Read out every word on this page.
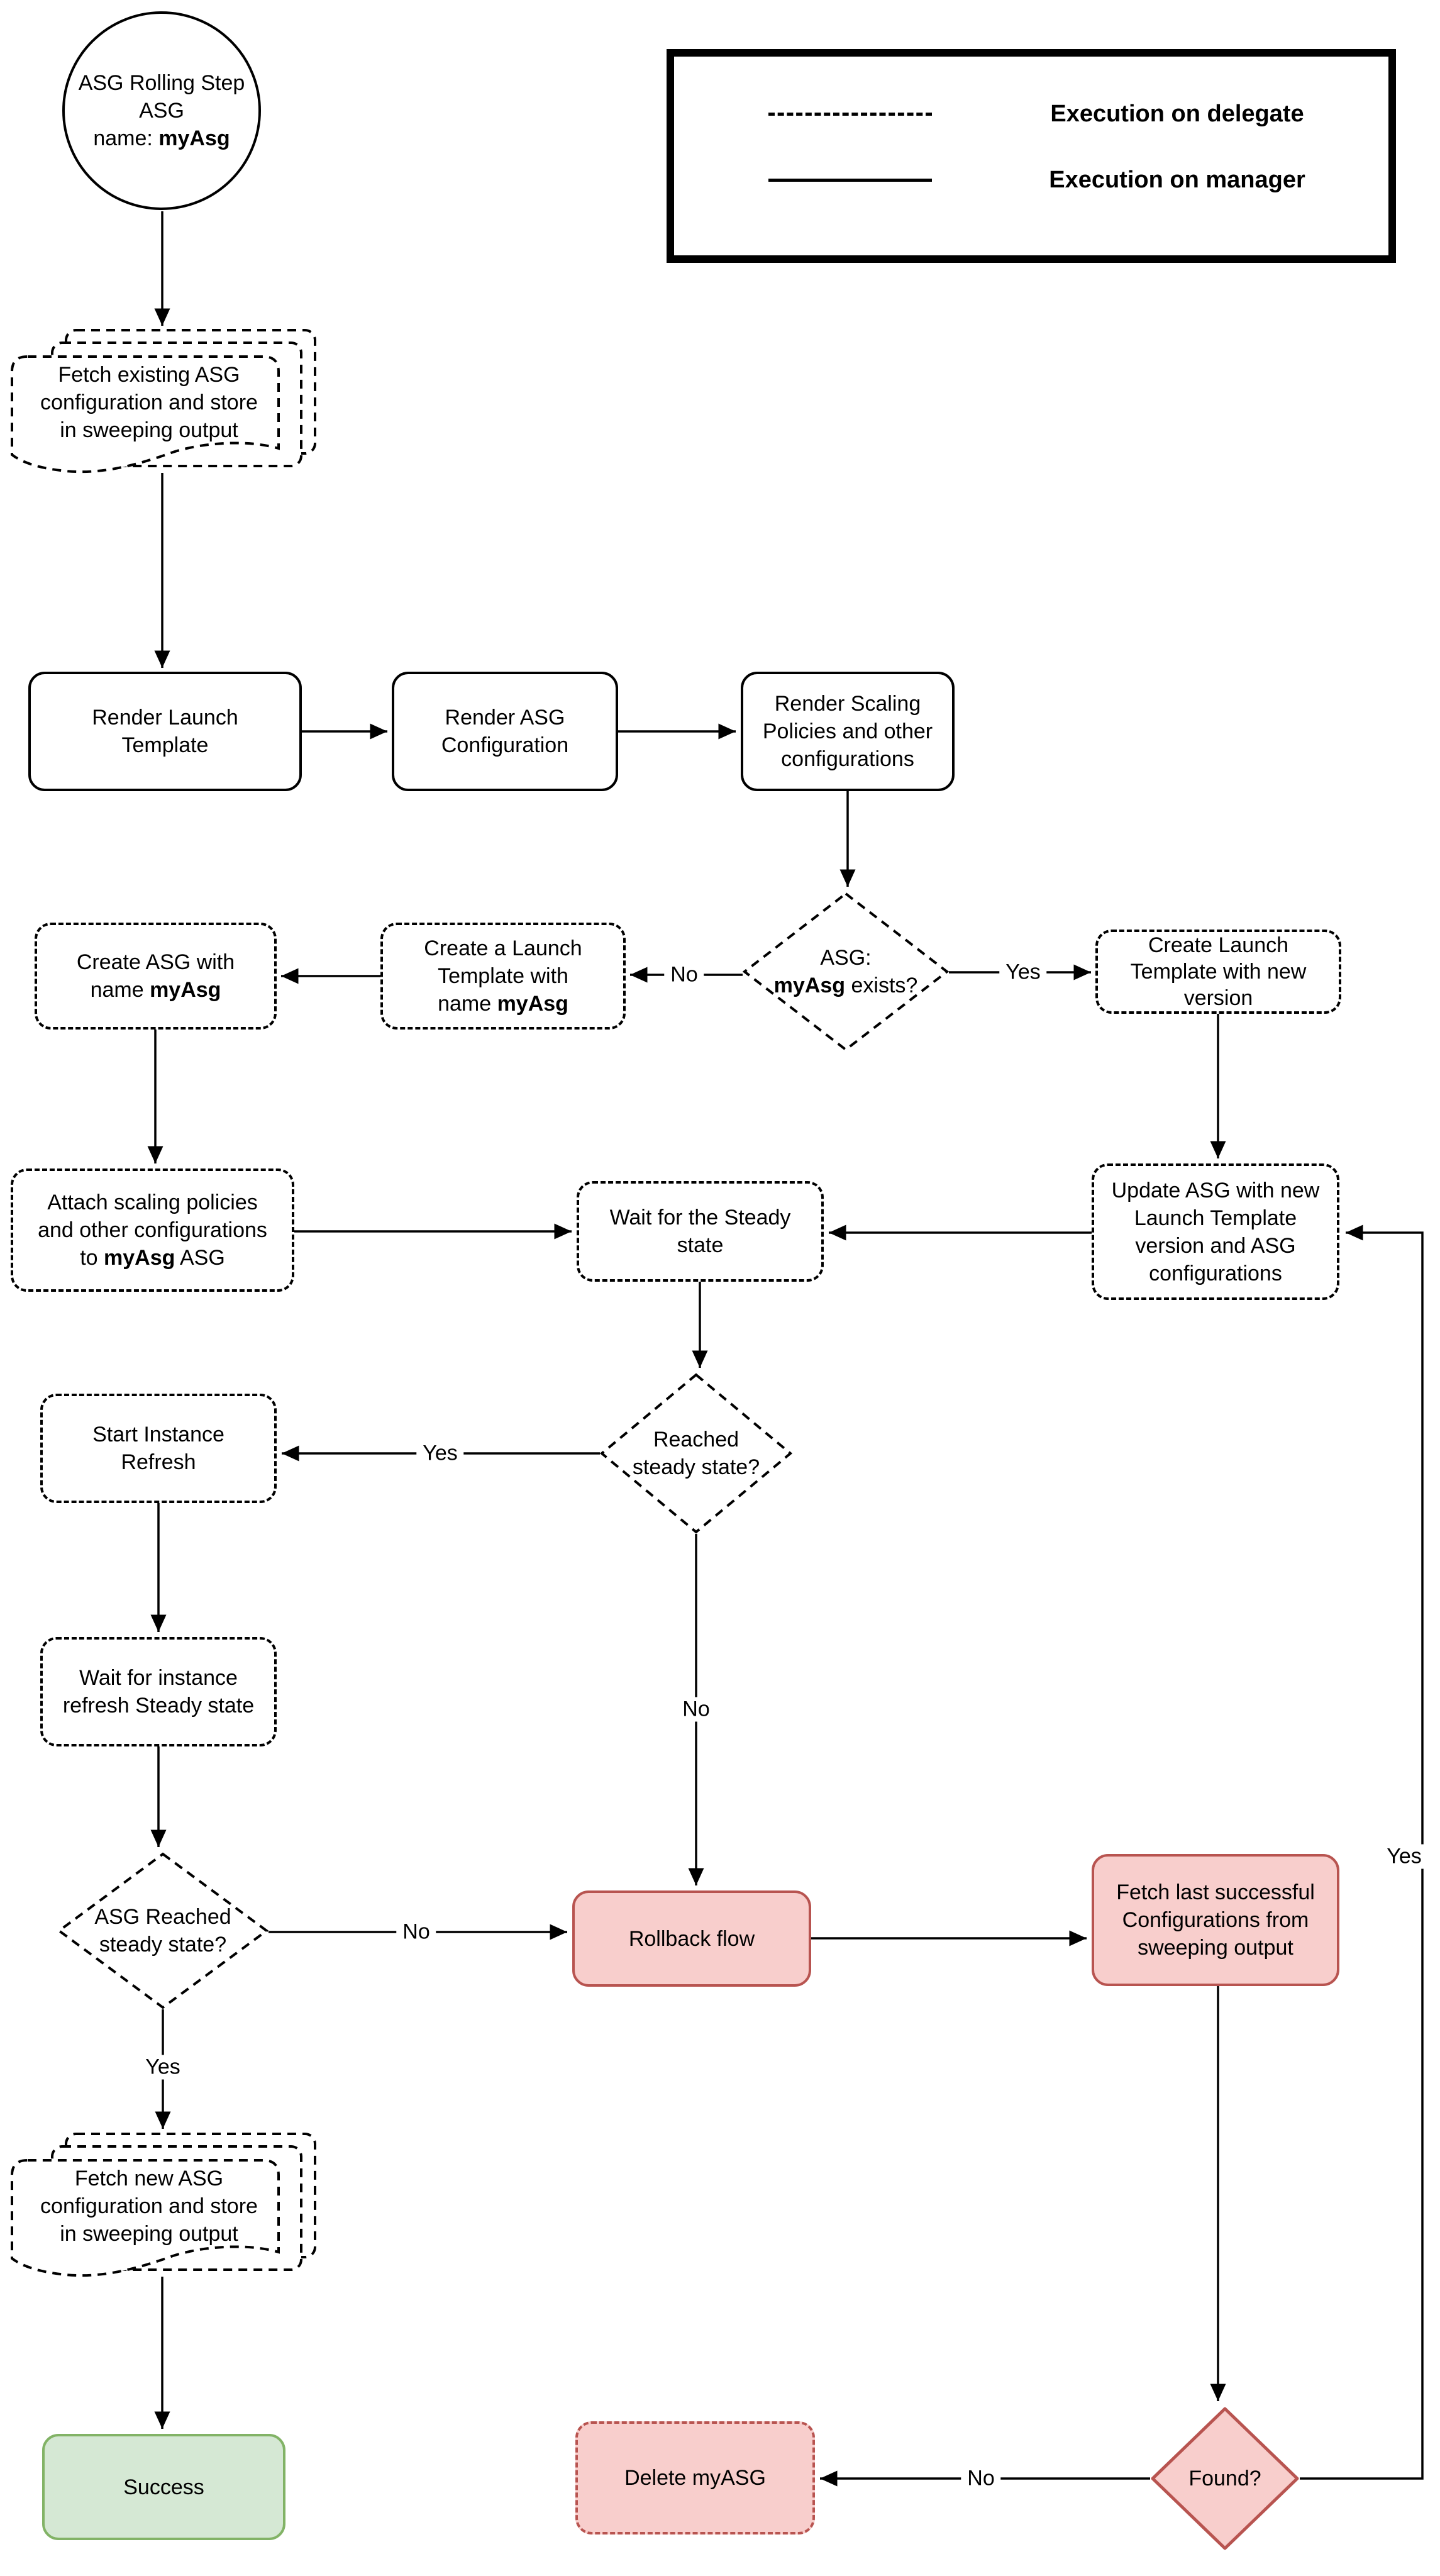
ASG Rolling Step
ASG
name: myAsg
Execution on delegate
Execution on manager
Fetch existing ASG
configuration and store
in sweeping output
Render Launch
Template
Render ASG
Configuration
Render Scaling
Policies and other
configurations
ASG:
myAsg exists?
Create ASG with
name myAsg
Create a Launch
Template with
name myAsg
Create Launch
Template with new
version
Attach scaling policies
and other configurations
to myAsg ASG
Wait for the Steady
state
Update ASG with new
Launch Template
version and ASG
configurations
Reached
steady state?
Start Instance
Refresh
Wait for instance
refresh Steady state
ASG Reached
steady state?	Rollback flow
Fetch last successful
Configurations from
sweeping output
Fetch new ASG
configuration and store
in sweeping output
Success	Delete myASG	Found?
No	Yes
Yes
No
No
Yes
No
Yes
